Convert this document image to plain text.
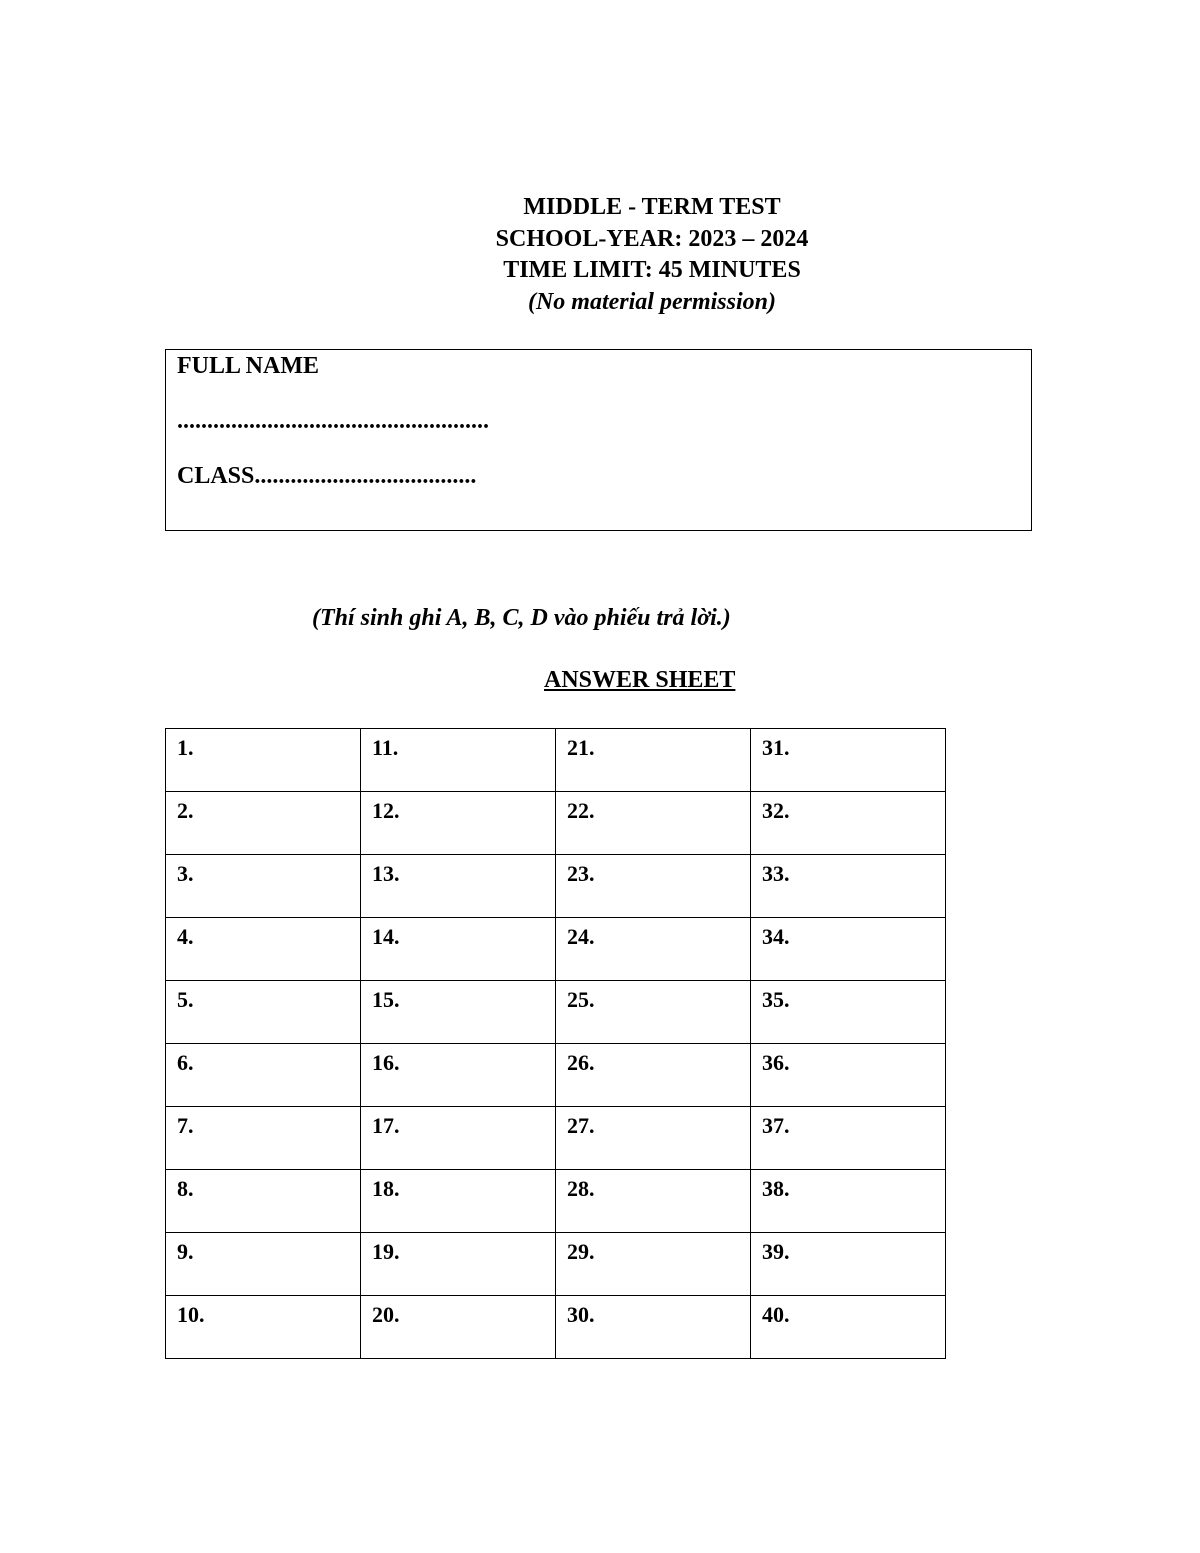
MIDDLE - TERM TEST
SCHOOL-YEAR: 2023 – 2024
TIME LIMIT: 45 MINUTES
(No material permission)
FULL NAME
....................................................
CLASS.....................................
(Thí sinh ghi A, B, C, D vào phiếu trả lời.)
ANSWER SHEET
1.	11.	21.	31.
2.	12.	22.	32.
3.	13.	23.	33.
4.	14.	24.	34.
5.	15.	25.	35.
6.	16.	26.	36.
7.	17.	27.	37.
8.	18.	28.	38.
9.	19.	29.	39.
10.	20.	30.	40.
